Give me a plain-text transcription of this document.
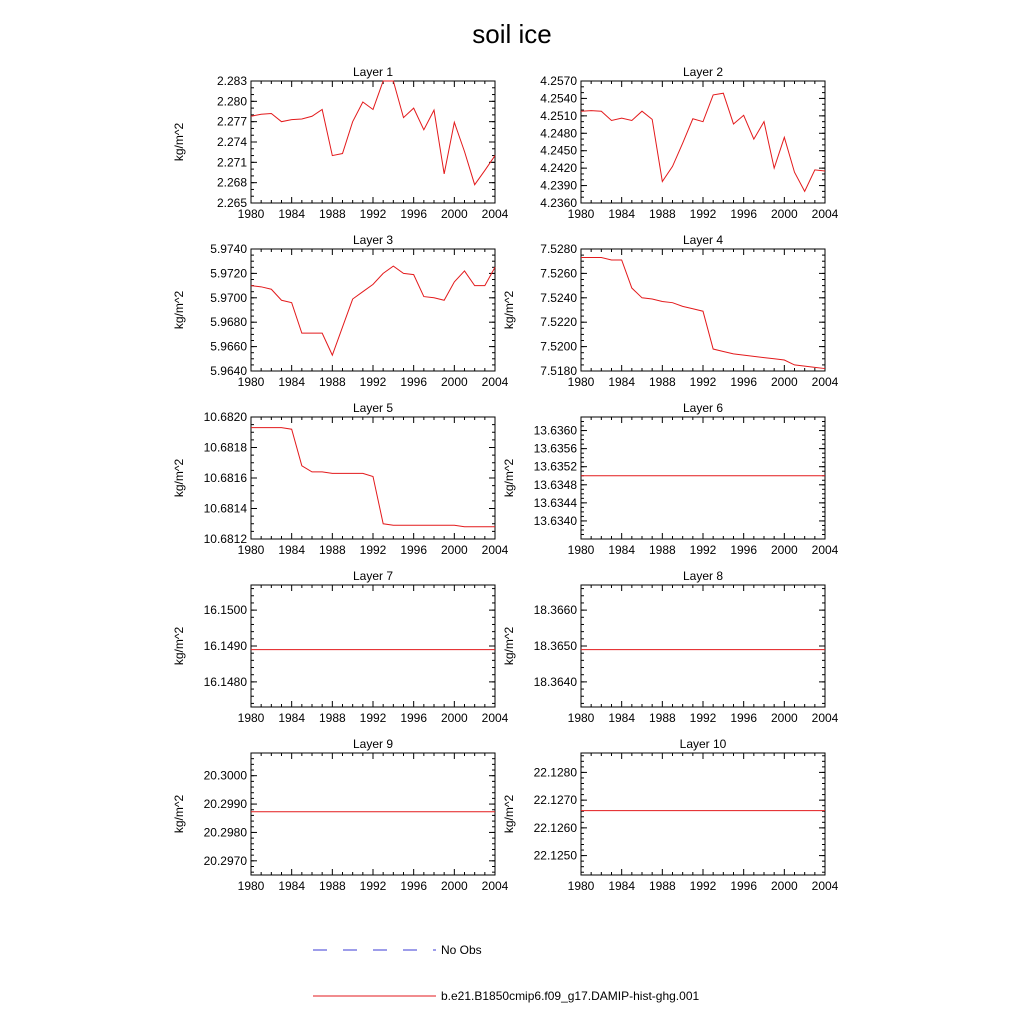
soil ice
Layer 1
kg/m^2
1980 1984 1988 1992 1996 2000 2004
2.265
2.268
2.271
2.274
2.277
2.280
2.283
Layer 2
1980 1984 1988 1992 1996 2000 2004
4.2360
4.2390
4.2420
4.2450
4.2480
4.2510
4.2540
4.2570
Layer 3
kg/m^2
1980 1984 1988 1992 1996 2000 2004
5.9640
5.9660
5.9680
5.9700
5.9720
5.9740
Layer 4
kg/m^2
1980 1984 1988 1992 1996 2000 2004
7.5180
7.5200
7.5220
7.5240
7.5260
7.5280
Layer 5
kg/m^2
1980 1984 1988 1992 1996 2000 2004
10.6812
10.6814
10.6816
10.6818
10.6820
Layer 6
kg/m^2
1980 1984 1988 1992 1996 2000 2004
13.6340
13.6344
13.6348
13.6352
13.6356
13.6360
Layer 7
kg/m^2
1980 1984 1988 1992 1996 2000 2004
16.1480
16.1490
16.1500
Layer 8
kg/m^2
1980 1984 1988 1992 1996 2000 2004
18.3640
18.3650
18.3660
Layer 9
kg/m^2
1980 1984 1988 1992 1996 2000 2004
20.2970
20.2980
20.2990
20.3000
Layer 10
kg/m^2
1980 1984 1988 1992 1996 2000 2004
22.1250
22.1260
22.1270
22.1280
No Obs
b.e21.B1850cmip6.f09_g17.DAMIP-hist-ghg.001
